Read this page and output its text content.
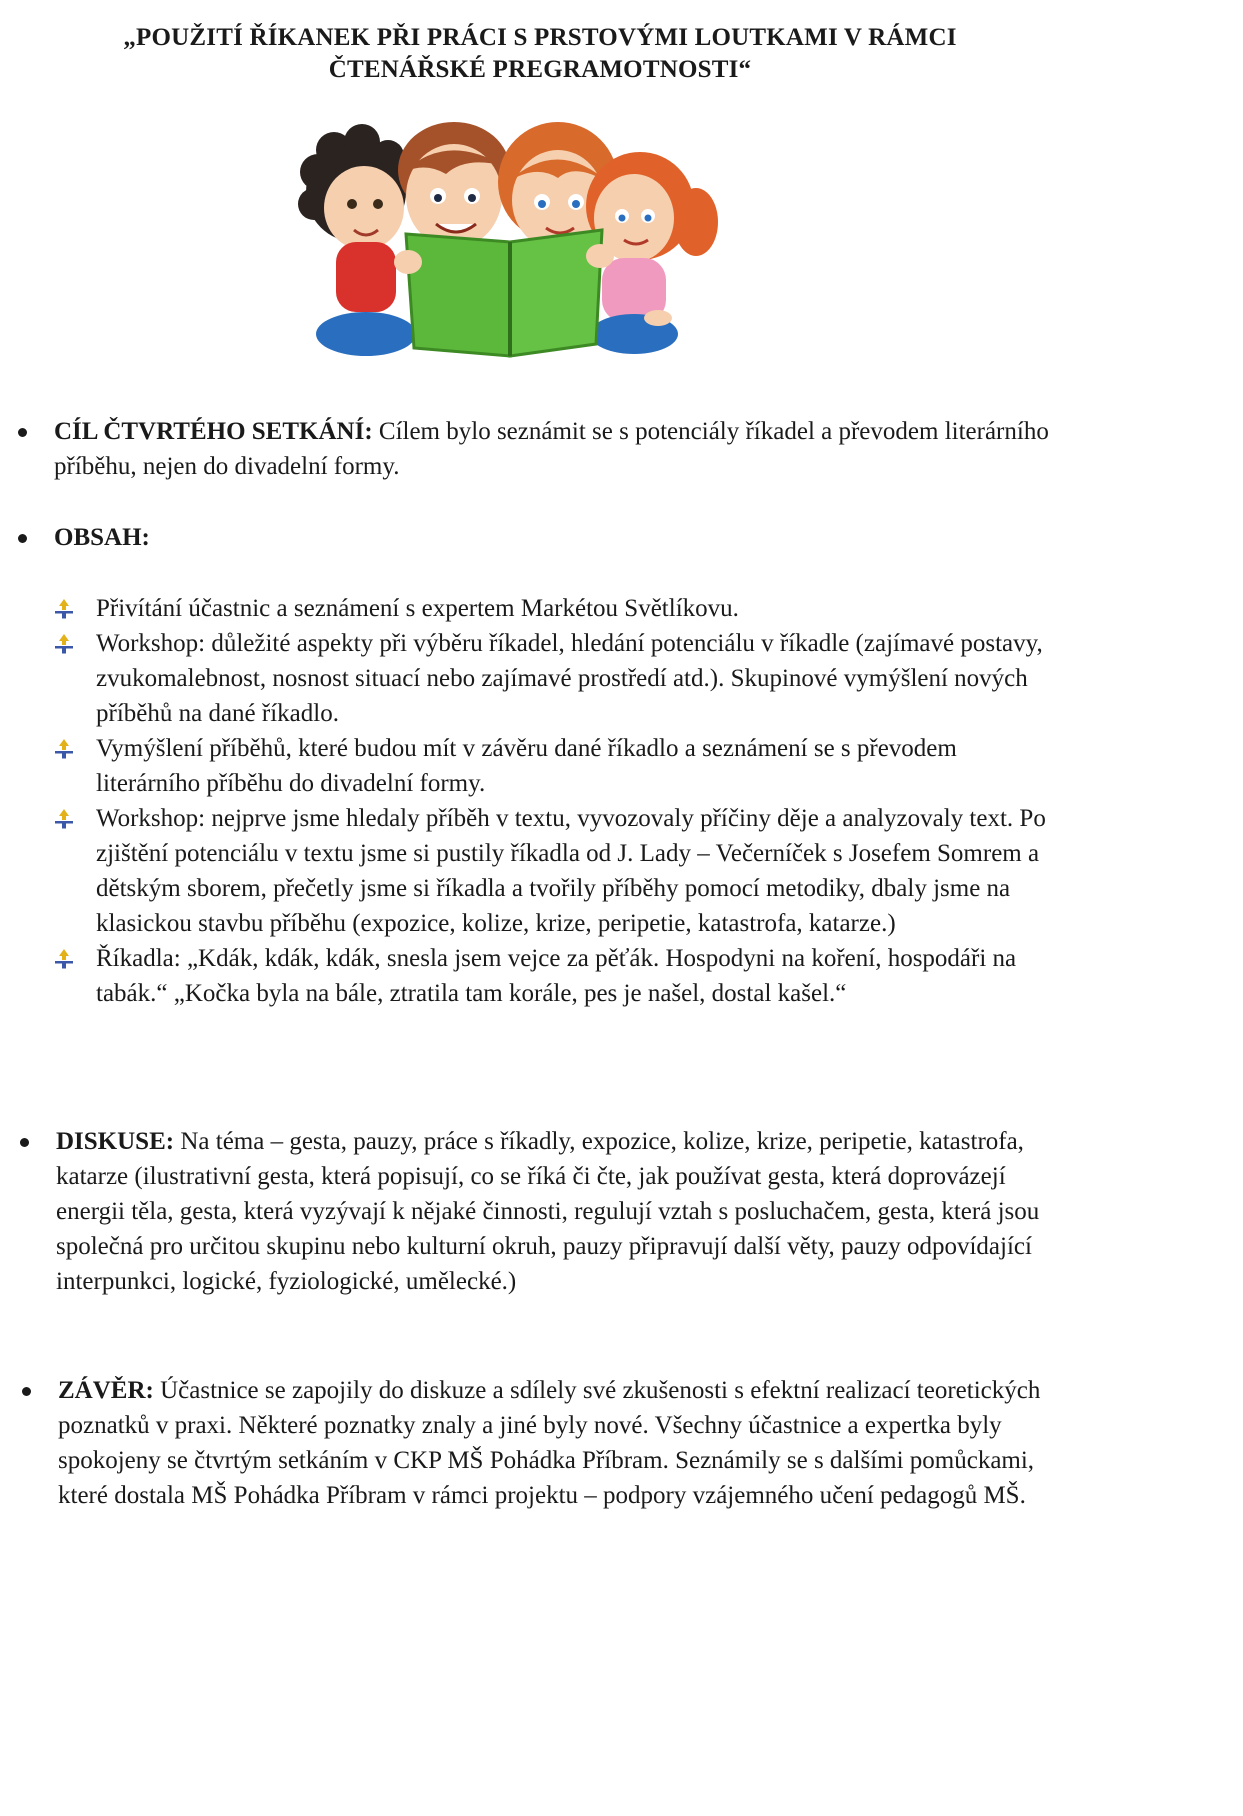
„POUŽITÍ ŘÍKANEK PŘI PRÁCI S PRSTOVÝMI LOUTKAMI V RÁMCI
ČTENÁŘSKÉ PREGRAMOTNOSTI“
CÍL ČTVRTÉHO SETKÁNÍ: Cílem bylo seznámit se s potenciály říkadel a převodem literárního příběhu, nejen do divadelní formy.
OBSAH:
Přivítání účastnic a seznámení s expertem Markétou Světlíkovu.
Workshop: důležité aspekty při výběru říkadel, hledání potenciálu v říkadle (zajímavé postavy, zvukomalebnost, nosnost situací nebo zajímavé prostředí atd.). Skupinové vymýšlení nových příběhů na dané říkadlo.
Vymýšlení příběhů, které budou mít v závěru dané říkadlo a seznámení se s převodem literárního příběhu do divadelní formy.
Workshop: nejprve jsme hledaly příběh v textu, vyvozovaly příčiny děje a analyzovaly text. Po zjištění potenciálu v textu jsme si pustily říkadla od J. Lady – Večerníček s Josefem Somrem a dětským sborem, přečetly jsme si říkadla a tvořily příběhy pomocí metodiky, dbaly jsme na klasickou stavbu příběhu (expozice, kolize, krize, peripetie, katastrofa, katarze.)
Říkadla: „Kdák, kdák, kdák, snesla jsem vejce za pěťák. Hospodyni na koření, hospodáři na tabák.“ „Kočka byla na bále, ztratila tam korále, pes je našel, dostal kašel.“
DISKUSE: Na téma – gesta, pauzy, práce s říkadly, expozice, kolize, krize, peripetie, katastrofa, katarze (ilustrativní gesta, která popisují, co se říká či čte, jak používat gesta, která doprovázejí energii těla, gesta, která vyzývají k nějaké činnosti, regulují vztah s posluchačem, gesta, která jsou společná pro určitou skupinu nebo kulturní okruh, pauzy připravují další věty, pauzy odpovídající interpunkci, logické, fyziologické, umělecké.)
ZÁVĚR: Účastnice se zapojily do diskuze a sdílely své zkušenosti s efektní realizací teoretických poznatků v praxi. Některé poznatky znaly a jiné byly nové. Všechny účastnice a expertka byly spokojeny se čtvrtým setkáním v CKP MŠ Pohádka Příbram. Seznámily se s dalšími pomůckami, které dostala MŠ Pohádka Příbram v rámci projektu – podpory vzájemného učení pedagogů MŠ.
